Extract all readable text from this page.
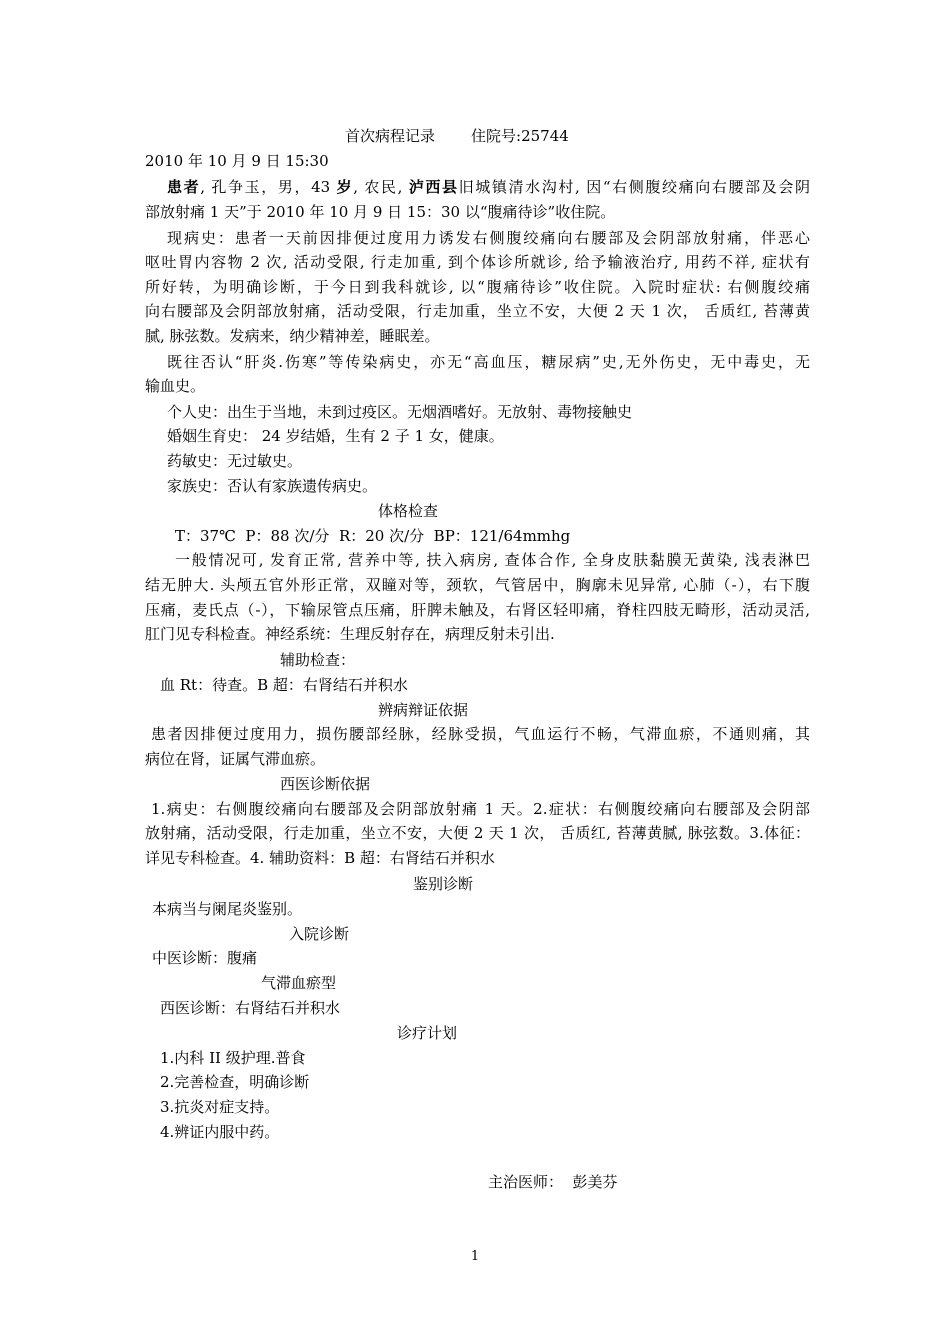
首次病程记录 住院号:25744
2010 年 10 月 9 日 15:30
患者, 孔争玉，男，43 岁, 农民, 泸西县旧城镇清水沟村, 因“右侧腹绞痛向右腰部及会阴
部放射痛 1 天”于 2010 年 10 月 9 日 15：30 以“腹痛待诊”收住院。
现病史：患者一天前因排便过度用力诱发右侧腹绞痛向右腰部及会阴部放射痛，伴恶心
呕吐胃内容物 2 次, 活动受限, 行走加重, 到个体诊所就诊, 给予输液治疗, 用药不祥, 症状有
所好转，为明确诊断，于今日到我科就诊, 以“腹痛待诊”收住院。入院时症状: 右侧腹绞痛
向右腰部及会阴部放射痛，活动受限，行走加重，坐立不安，大便 2 天 1 次， 舌质红, 苔薄黄
腻, 脉弦数。发病来，纳少精神差，睡眠差。
既往否认“肝炎.伤寒”等传染病史，亦无“高血压，糖尿病”史,无外伤史，无中毒史，无
输血史。
个人史：出生于当地，未到过疫区。无烟酒嗜好。无放射、毒物接触史
婚姻生育史： 24 岁结婚，生有 2 子 1 女，健康。
药敏史：无过敏史。
家族史：否认有家族遗传病史。
体格检查
T：37℃  P：88 次/分  R：20 次/分  BP：121/64mmhg
一般情况可, 发育正常, 营养中等, 扶入病房, 查体合作, 全身皮肤黏膜无黄染, 浅表淋巴
结无肿大. 头颅五官外形正常，双瞳对等，颈软，气管居中，胸廓未见异常, 心肺（-），右下腹
压痛，麦氏点（-），下输尿管点压痛，肝脾未触及，右肾区轻叩痛，脊柱四肢无畸形，活动灵活,
肛门见专科检查。神经系统：生理反射存在，病理反射未引出.
辅助检查：
血 Rt：待查。B 超：右肾结石并积水
辨病辩证依据
患者因排便过度用力，损伤腰部经脉，经脉受损，气血运行不畅，气滞血瘀，不通则痛，其
病位在肾，证属气滞血瘀。
西医诊断依据
1.病史：右侧腹绞痛向右腰部及会阴部放射痛 1 天。2.症状：右侧腹绞痛向右腰部及会阴部
放射痛，活动受限，行走加重，坐立不安，大便 2 天 1 次， 舌质红, 苔薄黄腻, 脉弦数。3.体征：
详见专科检查。4. 辅助资料：B 超：右肾结石并积水
鉴别诊断
本病当与阑尾炎鉴别。
入院诊断
中医诊断：腹痛
气滞血瘀型
西医诊断：右肾结石并积水
诊疗计划
1.内科 II 级护理.普食
2.完善检查，明确诊断
3.抗炎对症支持。
4.辨证内服中药。
主治医师：  彭美芬
1
